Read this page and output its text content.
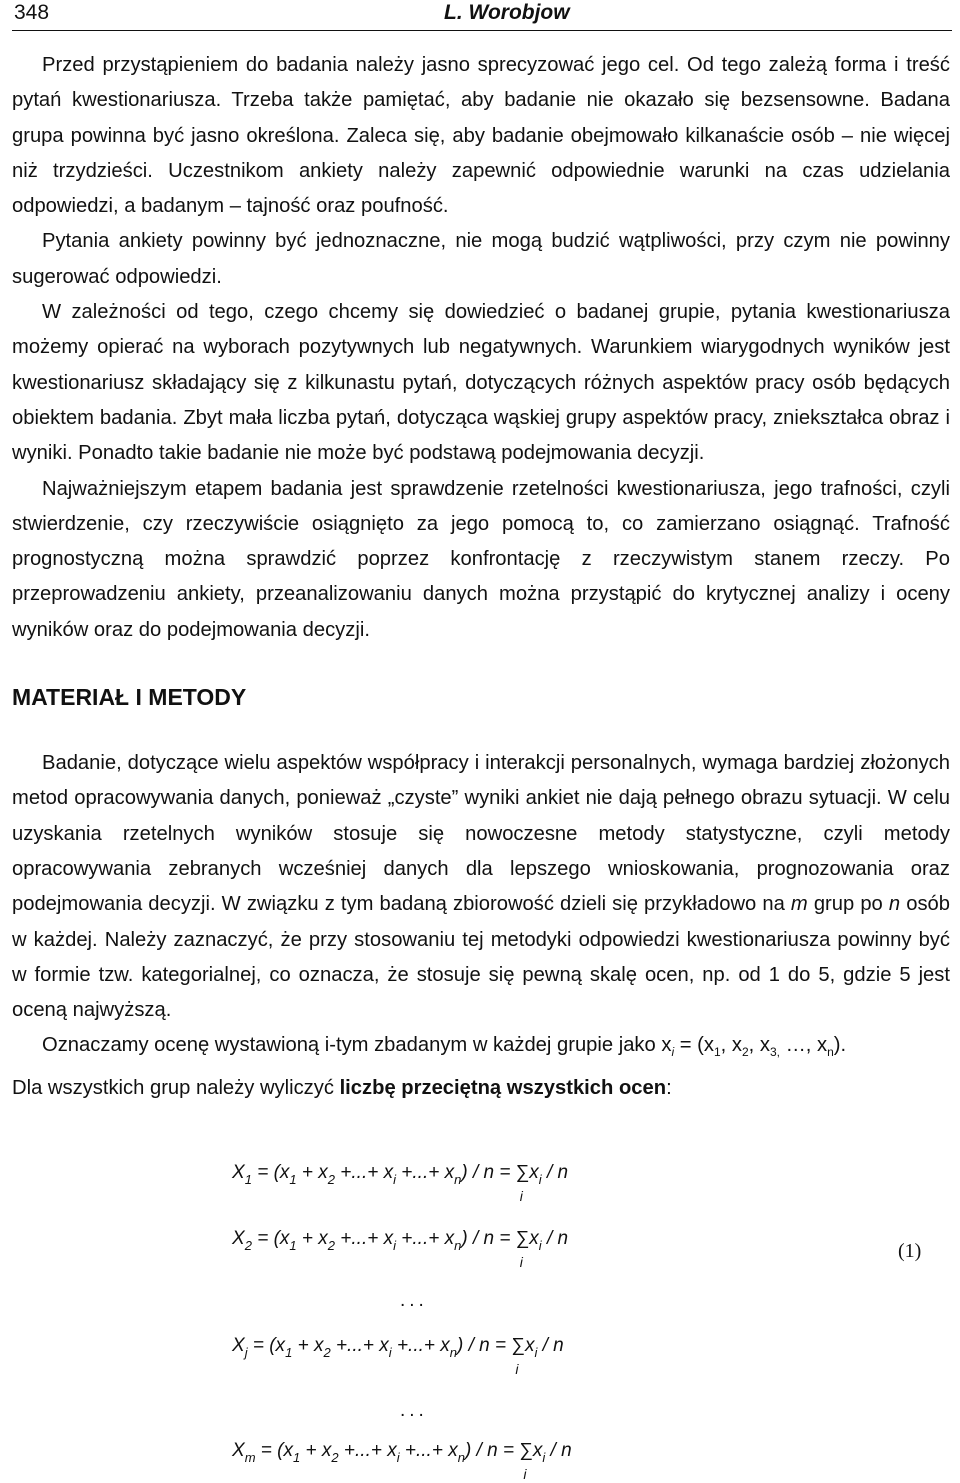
348	L. Worobjow

Przed przystąpieniem do badania należy jasno sprecyzować jego cel. Od tego zależą forma i treść pytań kwestionariusza. Trzeba także pamiętać, aby badanie nie okazało się bezsensowne. Badana grupa powinna być jasno określona. Zaleca się, aby badanie obejmowało kilkanaście osób – nie więcej niż trzydzieści. Uczestnikom ankiety należy zapewnić odpowiednie warunki na czas udzielania odpowiedzi, a badanym – tajność oraz poufność.

Pytania ankiety powinny być jednoznaczne, nie mogą budzić wątpliwości, przy czym nie powinny sugerować odpowiedzi.

W zależności od tego, czego chcemy się dowiedzieć o badanej grupie, pytania kwestionariusza możemy opierać na wyborach pozytywnych lub negatywnych. Warunkiem wiarygodnych wyników jest kwestionariusz składający się z kilkunastu pytań, dotyczących różnych aspektów pracy osób będących obiektem badania. Zbyt mała liczba pytań, dotycząca wąskiej grupy aspektów pracy, zniekształca obraz i wyniki. Ponadto takie badanie nie może być podstawą podejmowania decyzji.

Najważniejszym etapem badania jest sprawdzenie rzetelności kwestionariusza, jego trafności, czyli stwierdzenie, czy rzeczywiście osiągnięto za jego pomocą to, co zamierzano osiągnąć. Trafność prognostyczną można sprawdzić poprzez konfrontację z rzeczywistym stanem rzeczy. Po przeprowadzeniu ankiety, przeanalizowaniu danych można przystąpić do krytycznej analizy i oceny wyników oraz do podejmowania decyzji.

MATERIAŁ I METODY

Badanie, dotyczące wielu aspektów współpracy i interakcji personalnych, wymaga bardziej złożonych metod opracowywania danych, ponieważ „czyste” wyniki ankiet nie dają pełnego obrazu sytuacji. W celu uzyskania rzetelnych wyników stosuje się nowoczesne metody statystyczne, czyli metody opracowywania zebranych wcześniej danych dla lepszego wnioskowania, prognozowania oraz podejmowania decyzji. W związku z tym badaną zbiorowość dzieli się przykładowo na m grup po n osób w każdej. Należy zaznaczyć, że przy stosowaniu tej metodyki odpowiedzi kwestionariusza powinny być w formie tzw. kategorialnej, co oznacza, że stosuje się pewną skalę ocen, np. od 1 do 5, gdzie 5 jest oceną najwyższą.

Oznaczamy ocenę wystawioną i-tym zbadanym w każdej grupie jako $x_i = (x_1$, $x_2$, $x_{3,}$ …, $x_n$).

Dla wszystkich grup należy wyliczyć liczbę przeciętną wszystkich ocen:

(1)
$X_1 = (x_1 + x_2$ +...+ $x_i$ +...+ $x_n$) / n = ∑
i
$x_i$ / n
$X_2 = (x_1 + x_2$ +...+ $x_i$ +...+ $x_n$) / n = ∑
i
$x_i$ / n
$X_j = (x_1 + x_2$ +...+ $x_i$ +...+ $x_n$) / n = ∑
i
$x_i$ / n
$X_m = (x_1 + x_2$ +...+ $x_i$ +...+ $x_n$) / n = ∑
i
$x_i$ / n
...
...
